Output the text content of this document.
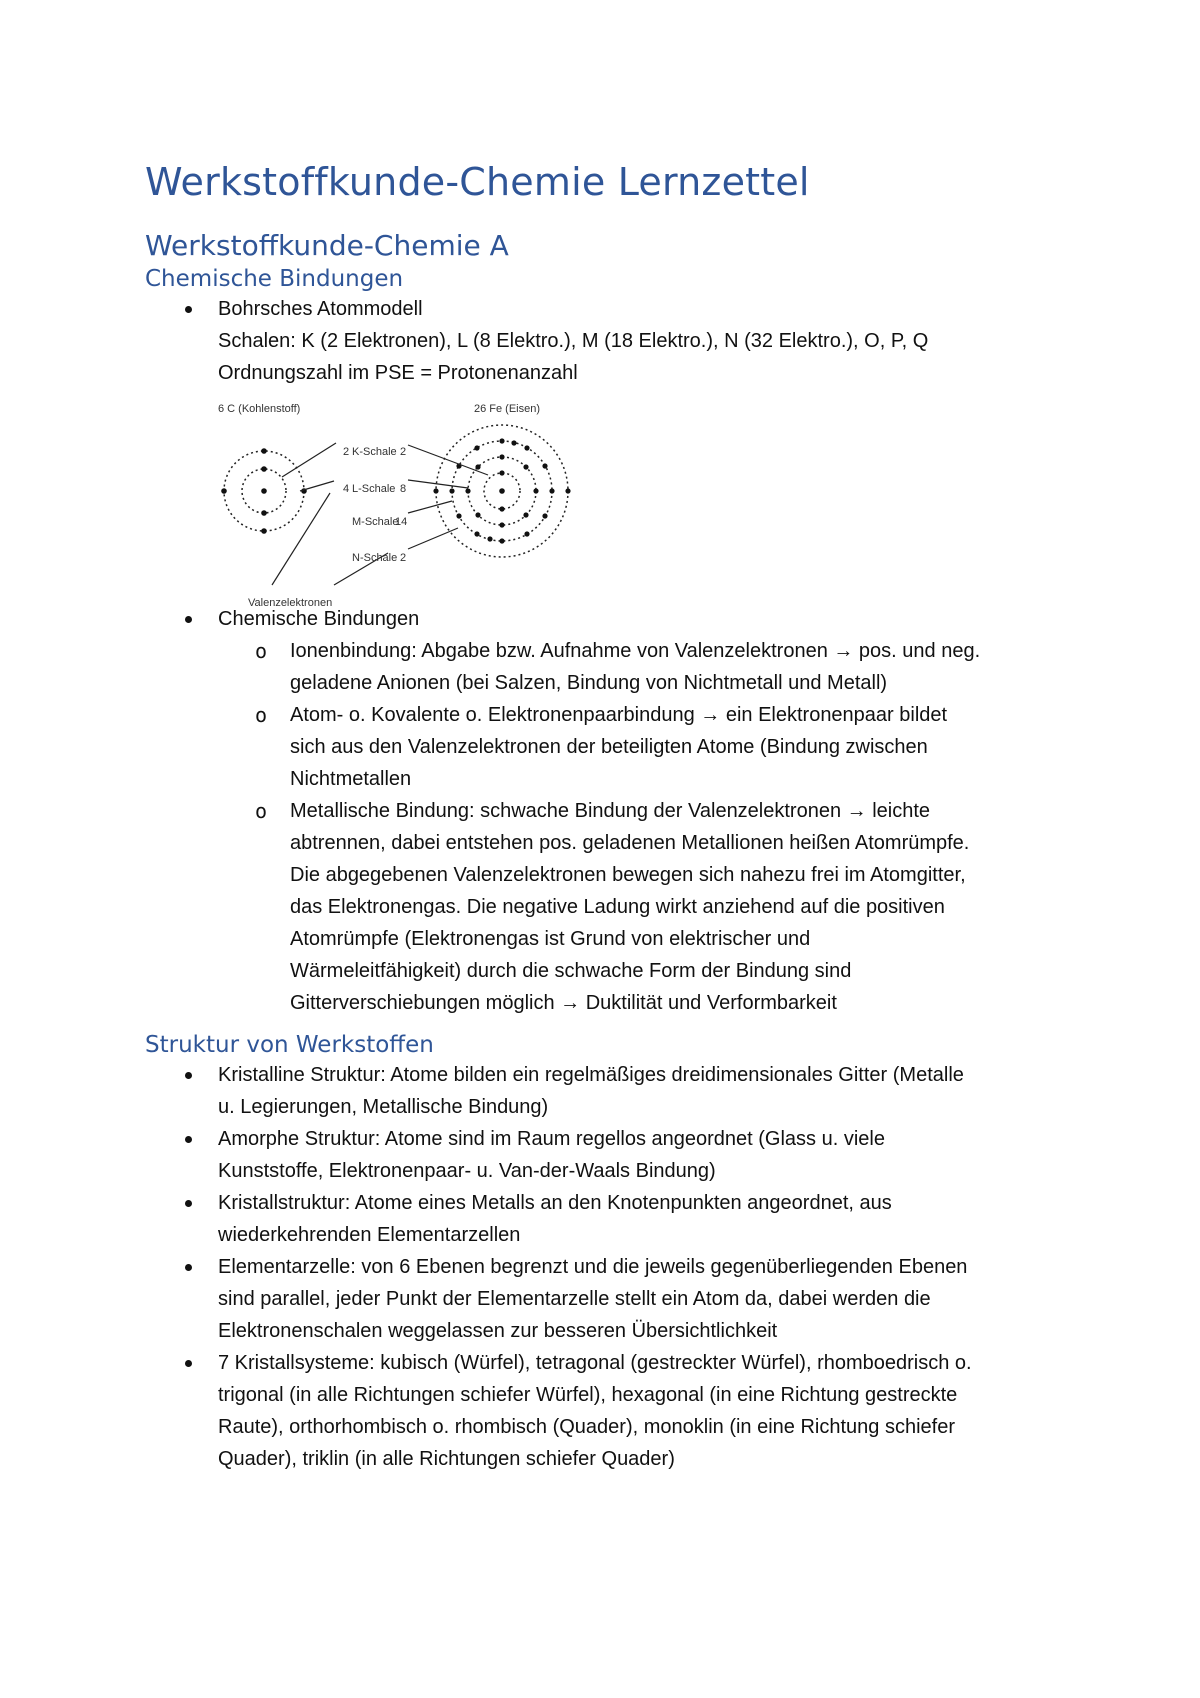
Werkstoffkunde-Chemie Lernzettel
Werkstoffkunde-Chemie A
Chemische Bindungen
Bohrsches Atommodell
Schalen: K (2 Elektronen), L (8 Elektro.), M (18 Elektro.), N (32 Elektro.), O, P, Q
Ordnungszahl im PSE = Protonenanzahl
6 C (Kohlenstoff)	26 Fe (Eisen)
2 K-Schale 2
4 L-Schale 8
M-Schale
14
N-Schale 2
Valenzelektronen
Chemische Bindungen
o Ionenbindung: Abgabe bzw. Aufnahme von Valenzelektronen → pos. und neg.
geladene Anionen (bei Salzen, Bindung von Nichtmetall und Metall)
o Atom- o. Kovalente o. Elektronenpaarbindung → ein Elektronenpaar bildet
sich aus den Valenzelektronen der beteiligten Atome (Bindung zwischen
Nichtmetallen
o Metallische Bindung: schwache Bindung der Valenzelektronen → leichte
abtrennen, dabei entstehen pos. geladenen Metallionen heißen Atomrümpfe.
Die abgegebenen Valenzelektronen bewegen sich nahezu frei im Atomgitter,
das Elektronengas. Die negative Ladung wirkt anziehend auf die positiven
Atomrümpfe (Elektronengas ist Grund von elektrischer und
Wärmeleitfähigkeit) durch die schwache Form der Bindung sind
Gitterverschiebungen möglich → Duktilität und Verformbarkeit
Struktur von Werkstoffen
Kristalline Struktur: Atome bilden ein regelmäßiges dreidimensionales Gitter (Metalle
u. Legierungen, Metallische Bindung)
Amorphe Struktur: Atome sind im Raum regellos angeordnet (Glass u. viele
Kunststoffe, Elektronenpaar- u. Van-der-Waals Bindung)
Kristallstruktur: Atome eines Metalls an den Knotenpunkten angeordnet, aus
wiederkehrenden Elementarzellen
Elementarzelle: von 6 Ebenen begrenzt und die jeweils gegenüberliegenden Ebenen
sind parallel, jeder Punkt der Elementarzelle stellt ein Atom da, dabei werden die
Elektronenschalen weggelassen zur besseren Übersichtlichkeit
7 Kristallsysteme: kubisch (Würfel), tetragonal (gestreckter Würfel), rhomboedrisch o.
trigonal (in alle Richtungen schiefer Würfel), hexagonal (in eine Richtung gestreckte
Raute), orthorhombisch o. rhombisch (Quader), monoklin (in eine Richtung schiefer
Quader), triklin (in alle Richtungen schiefer Quader)
